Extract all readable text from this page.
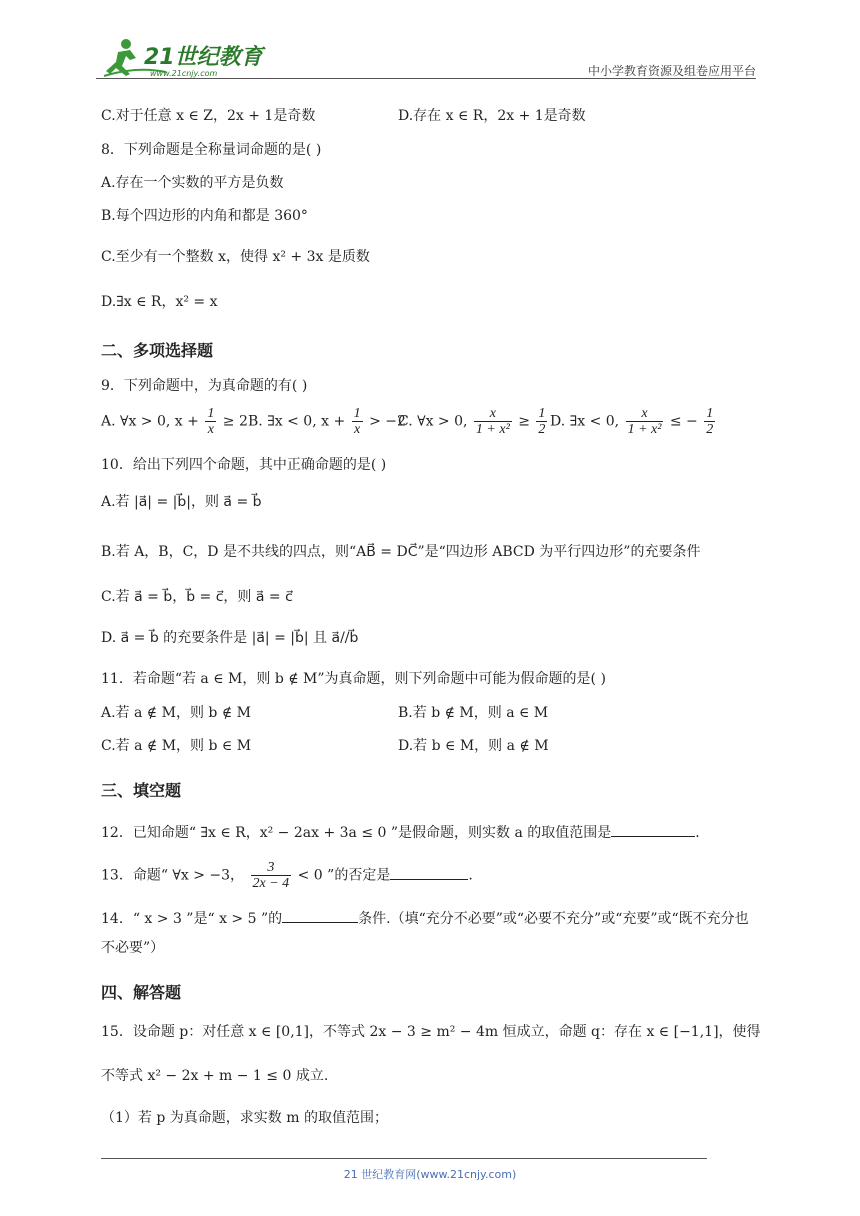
21世纪教育
www.21cnjy.com	中小学教育资源及组卷应用平台
C.对于任意 x ∈ Z，2x + 1是奇数	D.存在 x ∈ R，2x + 1是奇数
8．下列命题是全称量词命题的是( )
A.存在一个实数的平方是负数
B.每个四边形的内角和都是 360°
C.至少有一个整数 x，使得 x² + 3x 是质数
D.∃x ∈ R，x² = x
二、多项选择题
9．下列命题中，为真命题的有( )
A. ∀x > 0, $x + \frac{1}{x} \ge 2$ B. ∃x < 0, $x + \frac{1}{x} > -2$
C. ∀x > 0, $\frac{x}{\text{1 + x²}} \ge \frac{1}{2} D$. ∃x < 0, $\frac{x}{\text{1 + x²}}$ ≤ − $\frac{1}{2}$
10．给出下列四个命题，其中正确命题的是( )
A.若 |a⃗| = |b⃗|，则 a⃗ = b⃗
B.若 A，B，C，D 是不共线的四点，则“AB⃗ = DC⃗”是“四边形 ABCD 为平行四边形”的充要条件
C.若 a⃗ = b⃗，b⃗ = c⃗，则 a⃗ = c⃗
D. a⃗ = b⃗ 的充要条件是 |a⃗| = |b⃗| 且 a⃗//b⃗
11．若命题“若 a ∈ M，则 b ∉ M”为真命题，则下列命题中可能为假命题的是( )
A.若 a ∉ M，则 b ∉ M	B.若 b ∉ M，则 a ∈ M
C.若 a ∉ M，则 b ∈ M	D.若 b ∈ M，则 a ∉ M
三、填空题
12．已知命题“ ∃x ∈ R，x² − 2ax + 3a ≤ 0 ”是假命题，则实数 a 的取值范围是	.
13．命题“ ∀x > −3， $\frac{3}{2x - 4} < 0$ ”的否定是	.
14．“ x > 3 ”是“ x > 5 ”的	条件.（填“充分不必要”或“必要不充分”或“充要”或“既不充分也
不必要”）
四、解答题
15．设命题 p：对任意 x ∈ [0,1]，不等式 2x − 3 ≥ m² − 4m 恒成立，命题 q：存在 x ∈ [−1,1]，使得
不等式 x² − 2x + m − 1 ≤ 0 成立.
（1）若 p 为真命题，求实数 m 的取值范围；
21 世纪教育网(www.21cnjy.com)
